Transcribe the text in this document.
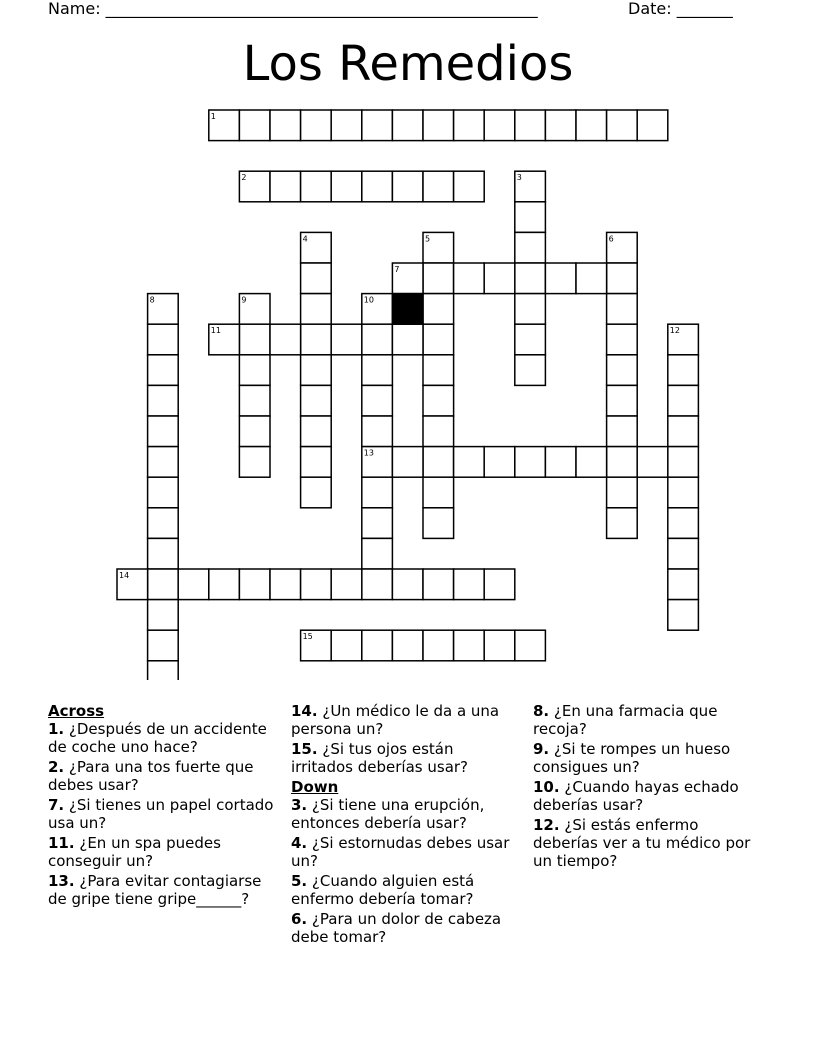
Name: ______________________________________________________	Date: _______
Los Remedios
1
2	3
4	5	6
7
8	9	10
11	12
13
14
15
Across
1. ¿Después de un accidente de coche uno hace?
2. ¿Para una tos fuerte que debes usar?
7. ¿Si tienes un papel cortado usa un?
11. ¿En un spa puedes conseguir un?
13. ¿Para evitar contagiarse de gripe tiene gripe______?
14. ¿Un médico le da a una persona un?
15. ¿Si tus ojos están irritados deberías usar?
Down
3. ¿Si tiene una erupción, entonces debería usar?
4. ¿Si estornudas debes usar un?
5. ¿Cuando alguien está enfermo debería tomar?
6. ¿Para un dolor de cabeza debe tomar?
8. ¿En una farmacia que recoja?
9. ¿Si te rompes un hueso consigues un?
10. ¿Cuando hayas echado deberías usar?
12. ¿Si estás enfermo deberías ver a tu médico por un tiempo?
